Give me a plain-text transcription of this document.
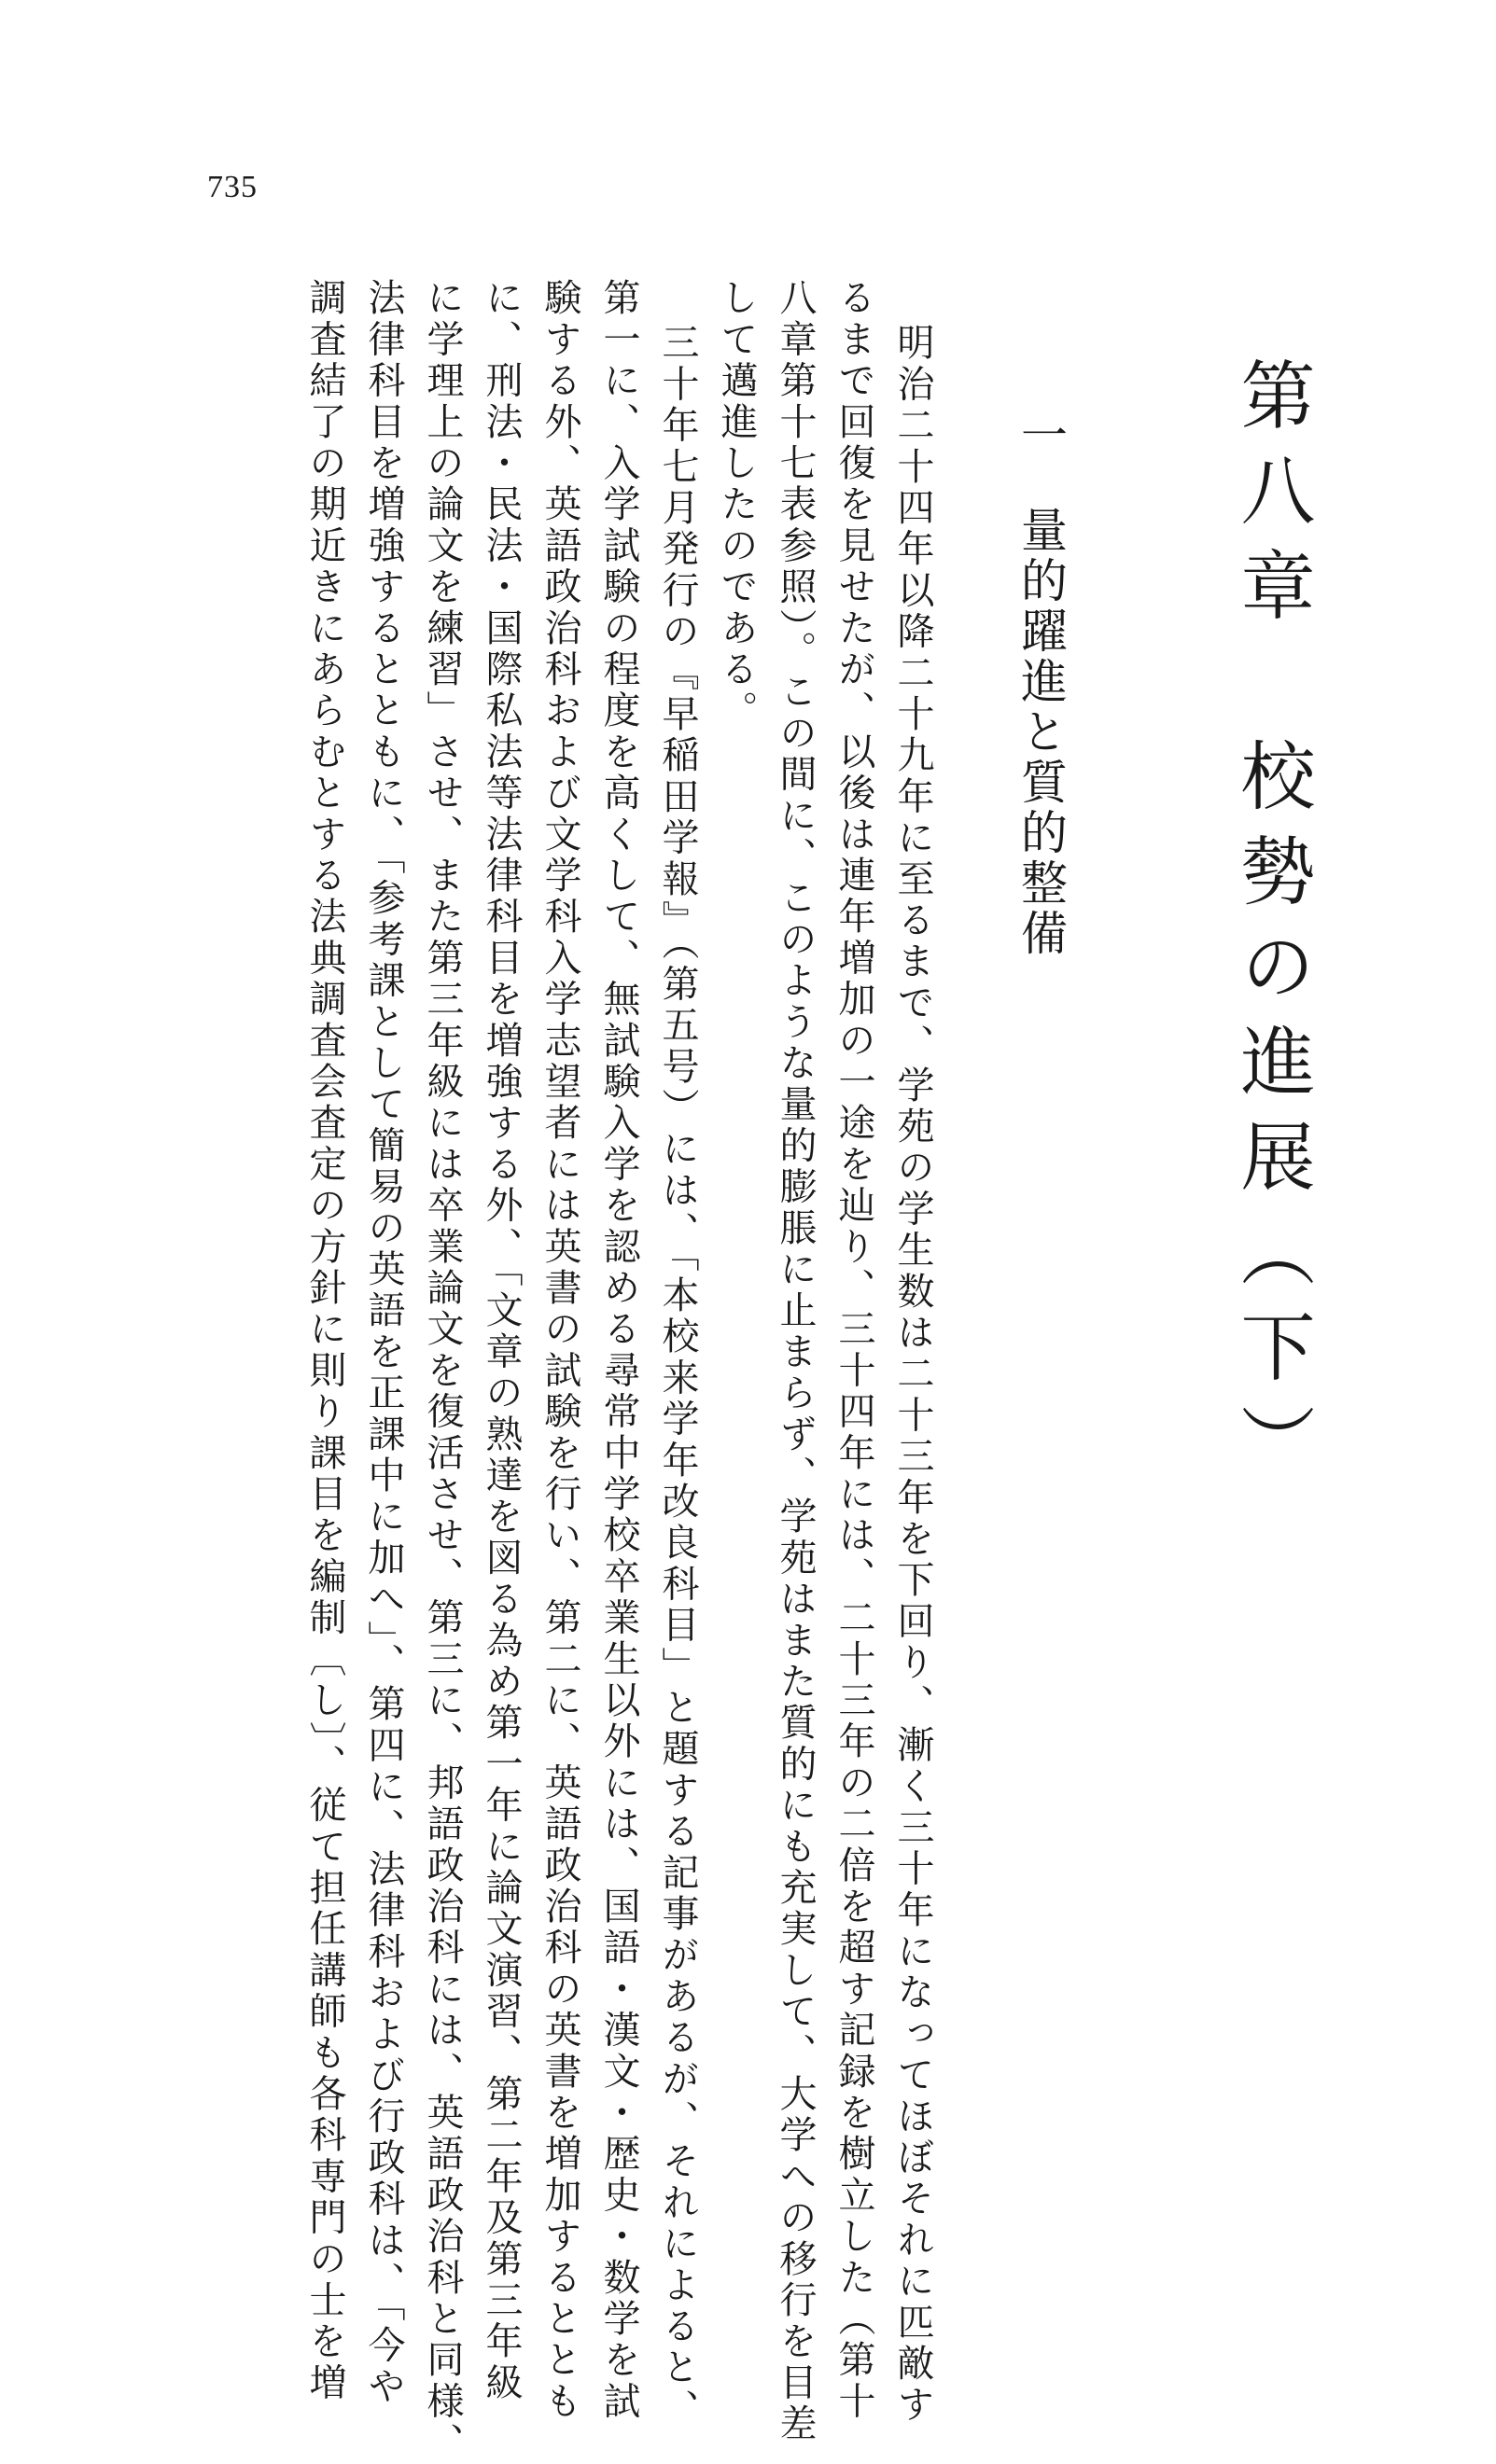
735
第八章　校勢の進展（下）
一量的躍進と質的整備
明治二十四年以降二十九年に至るまで、学苑の学生数は二十三年を下回り、漸く三十年になってほぼそれに匹敵す
るまで回復を見せたが、以後は連年増加の一途を辿り、三十四年には、二十三年の二倍を超す記録を樹立した（第十
八章第十七表参照）。この間に、このような量的膨脹に止まらず、学苑はまた質的にも充実して、大学への移行を目差
して邁進したのである。
三十年七月発行の『早稲田学報』（第五号）には、「本校来学年改良科目」と題する記事があるが、それによると、
第一に、入学試験の程度を高くして、無試験入学を認める尋常中学校卒業生以外には、国語・漢文・歴史・数学を試
験する外、英語政治科および文学科入学志望者には英書の試験を行い、第二に、英語政治科の英書を増加するととも
に、刑法・民法・国際私法等法律科目を増強する外、「文章の熟達を図る為め第一年に論文演習、第二年及第三年級
に学理上の論文を練習」させ、また第三年級には卒業論文を復活させ、第三に、邦語政治科には、英語政治科と同様、
法律科目を増強するとともに、「参考課として簡易の英語を正課中に加へ」、第四に、法律科および行政科は、「今や
調査結了の期近きにあらむとする法典調査会査定の方針に則り課目を編制〔し〕、従て担任講師も各科専門の士を増
